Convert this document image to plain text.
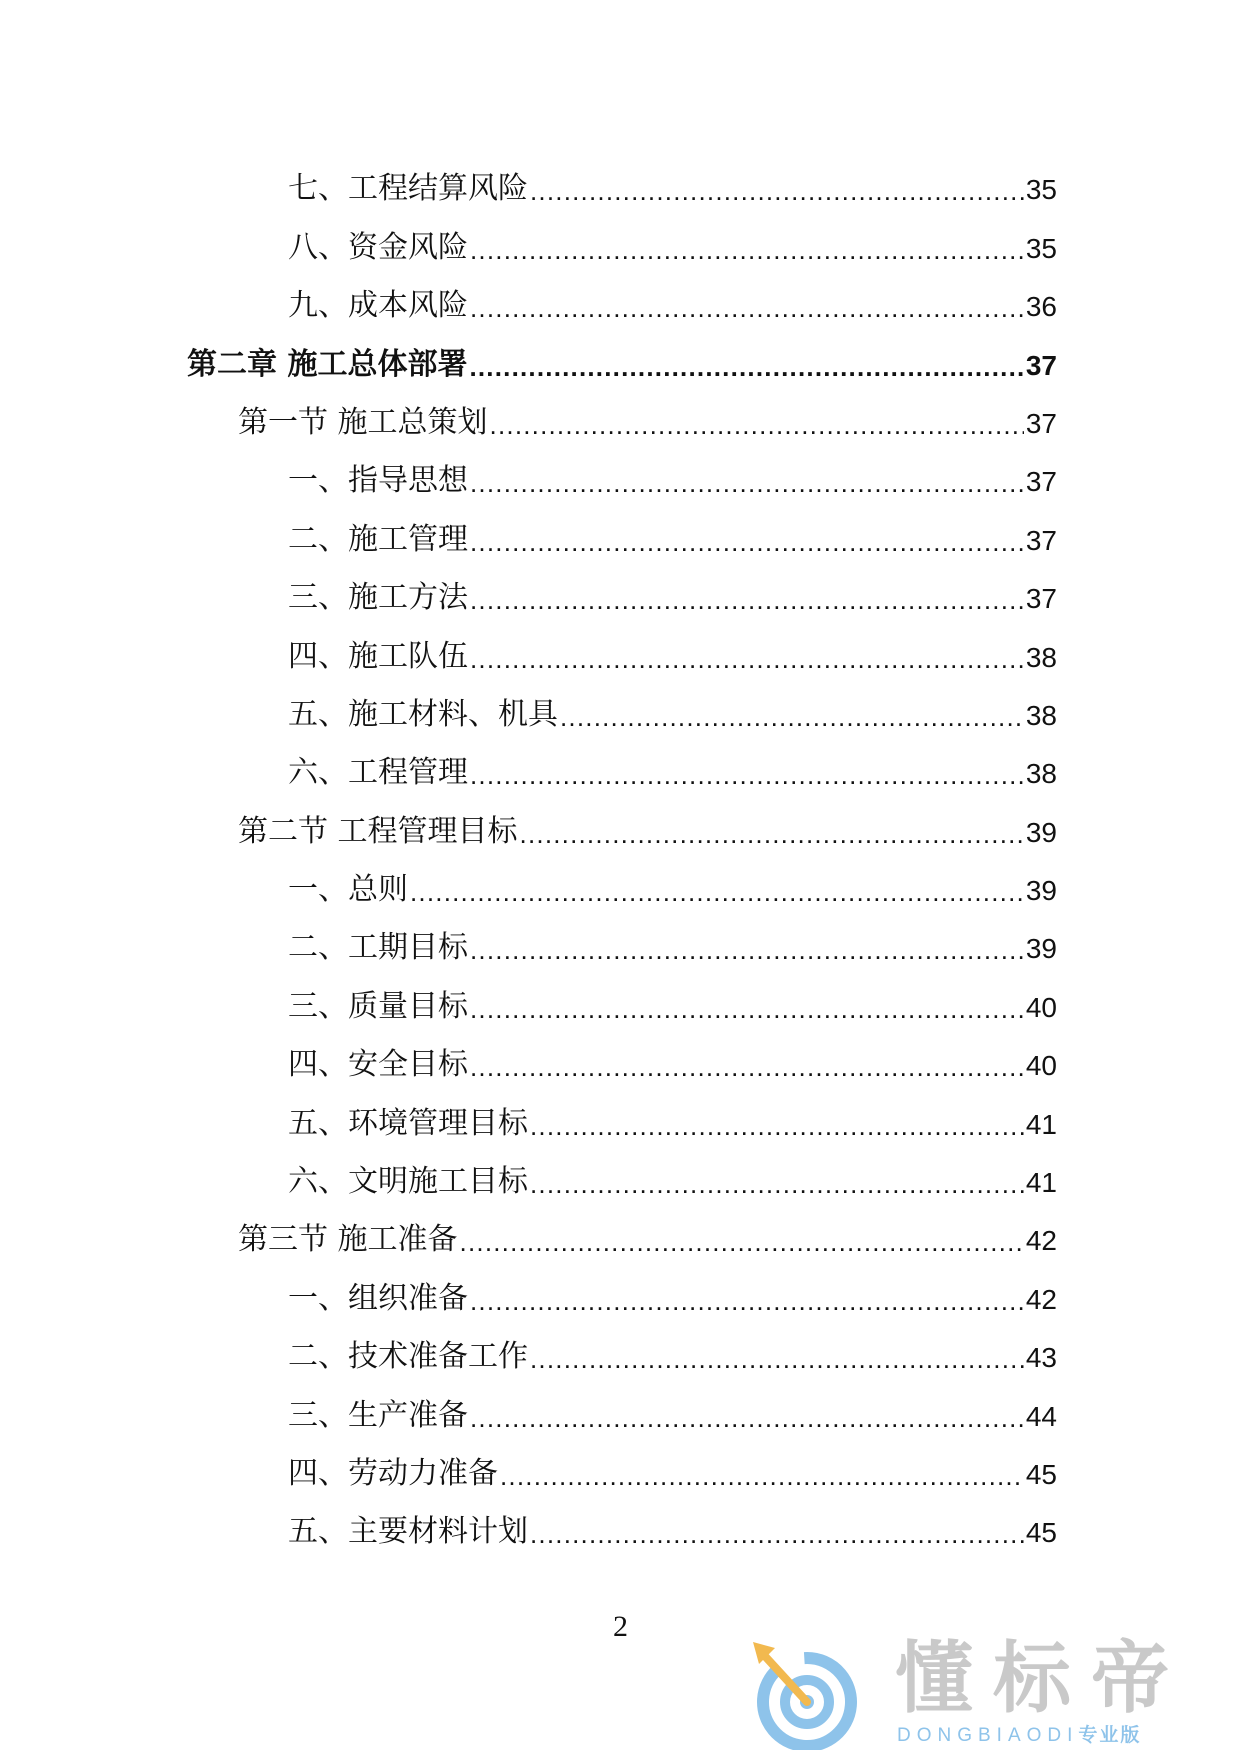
七、工程结算风险 .....	35
八、资金风险 .....	35
九、成本风险 .....	36
第二章 施工总体部署 .....	37
第一节 施工总策划 .....	37
一、指导思想 .....	37
二、施工管理 .....	37
三、施工方法 .....	37
四、施工队伍 .....	38
五、施工材料、机具 .....	38
六、工程管理 .....	38
第二节 工程管理目标 .....	39
一、总则 .....	39
二、工期目标 .....	39
三、质量目标 .....	40
四、安全目标 .....	40
五、环境管理目标 .....	41
六、文明施工目标 .....	41
第三节 施工准备 .....	42
一、组织准备 .....	42
二、技术准备工作 .....	43
三、生产准备 .....	44
四、劳动力准备 .....	45
五、主要材料计划 .....	45
2
懂标帝
DONGBIAODI专业版
